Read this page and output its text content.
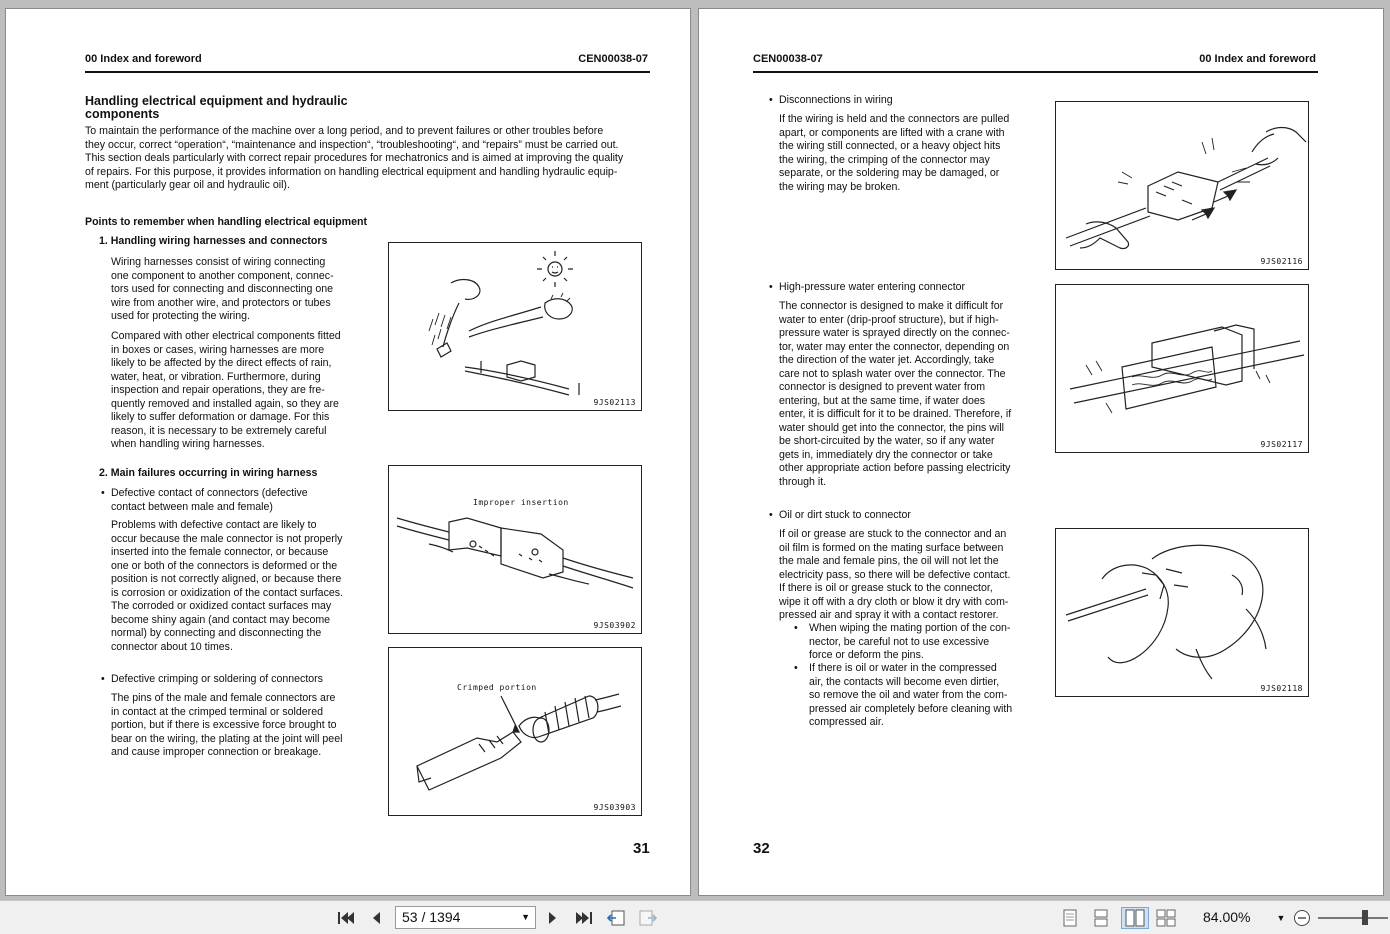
00 Index and foreword	CEN00038-07
Handling electrical equipment and hydraulic
components
To maintain the performance of the machine over a long period, and to prevent failures or other troubles before
they occur, correct “operation“, “maintenance and inspection“, “troubleshooting“, and “repairs” must be carried out.
This section deals particularly with correct repair procedures for mechatronics and is aimed at improving the quality
of repairs. For this purpose, it provides information on handling electrical equipment and handling hydraulic equip-
ment (particularly gear oil and hydraulic oil).
Points to remember when handling electrical equipment
1. Handling wiring harnesses and connectors
Wiring harnesses consist of wiring connecting
one component to another component, connec-
tors used for connecting and disconnecting one
wire from another wire, and protectors or tubes
used for protecting the wiring.
Compared with other electrical components fitted
in boxes or cases, wiring harnesses are more
likely to be affected by the direct effects of rain,
water, heat, or vibration. Furthermore, during
inspection and repair operations, they are fre-
quently removed and installed again, so they are
likely to suffer deformation or damage. For this
reason, it is necessary to be extremely careful
when handling wiring harnesses.
2. Main failures occurring in wiring harness
• Defective contact of connectors (defective
contact between male and female)
Problems with defective contact are likely to
occur because the male connector is not properly
inserted into the female connector, or because
one or both of the connectors is deformed or the
position is not correctly aligned, or because there
is corrosion or oxidization of the contact surfaces.
The corroded or oxidized contact surfaces may
become shiny again (and contact may become
normal) by connecting and disconnecting the
connector about 10 times.
• Defective crimping or soldering of connectors
The pins of the male and female connectors are
in contact at the crimped terminal or soldered
portion, but if there is excessive force brought to
bear on the wiring, the plating at the joint will peel
and cause improper connection or breakage.
9JS02113
Improper insertion
9JS03902
Crimped portion
9JS03903
31
CEN00038-07	00 Index and foreword
• Disconnections in wiring
If the wiring is held and the connectors are pulled
apart, or components are lifted with a crane with
the wiring still connected, or a heavy object hits
the wiring, the crimping of the connector may
separate, or the soldering may be damaged, or
the wiring may be broken.
• High-pressure water entering connector
The connector is designed to make it difficult for
water to enter (drip-proof structure), but if high-
pressure water is sprayed directly on the connec-
tor, water may enter the connector, depending on
the direction of the water jet. Accordingly, take
care not to splash water over the connector. The
connector is designed to prevent water from
entering, but at the same time, if water does
enter, it is difficult for it to be drained. Therefore, if
water should get into the connector, the pins will
be short-circuited by the water, so if any water
gets in, immediately dry the connector or take
other appropriate action before passing electricity
through it.
• Oil or dirt stuck to connector
If oil or grease are stuck to the connector and an
oil film is formed on the mating surface between
the male and female pins, the oil will not let the
electricity pass, so there will be defective contact.
If there is oil or grease stuck to the connector,
wipe it off with a dry cloth or blow it dry with com-
pressed air and spray it with a contact restorer.
• When wiping the mating portion of the con-
nector, be careful not to use excessive
force or deform the pins.
• If there is oil or water in the compressed
air, the contacts will become even dirtier,
so remove the oil and water from the com-
pressed air completely before cleaning with
compressed air.
9JS02116
9JS02117
9JS02118
32
53 / 1394	▼	84.00%	▼
